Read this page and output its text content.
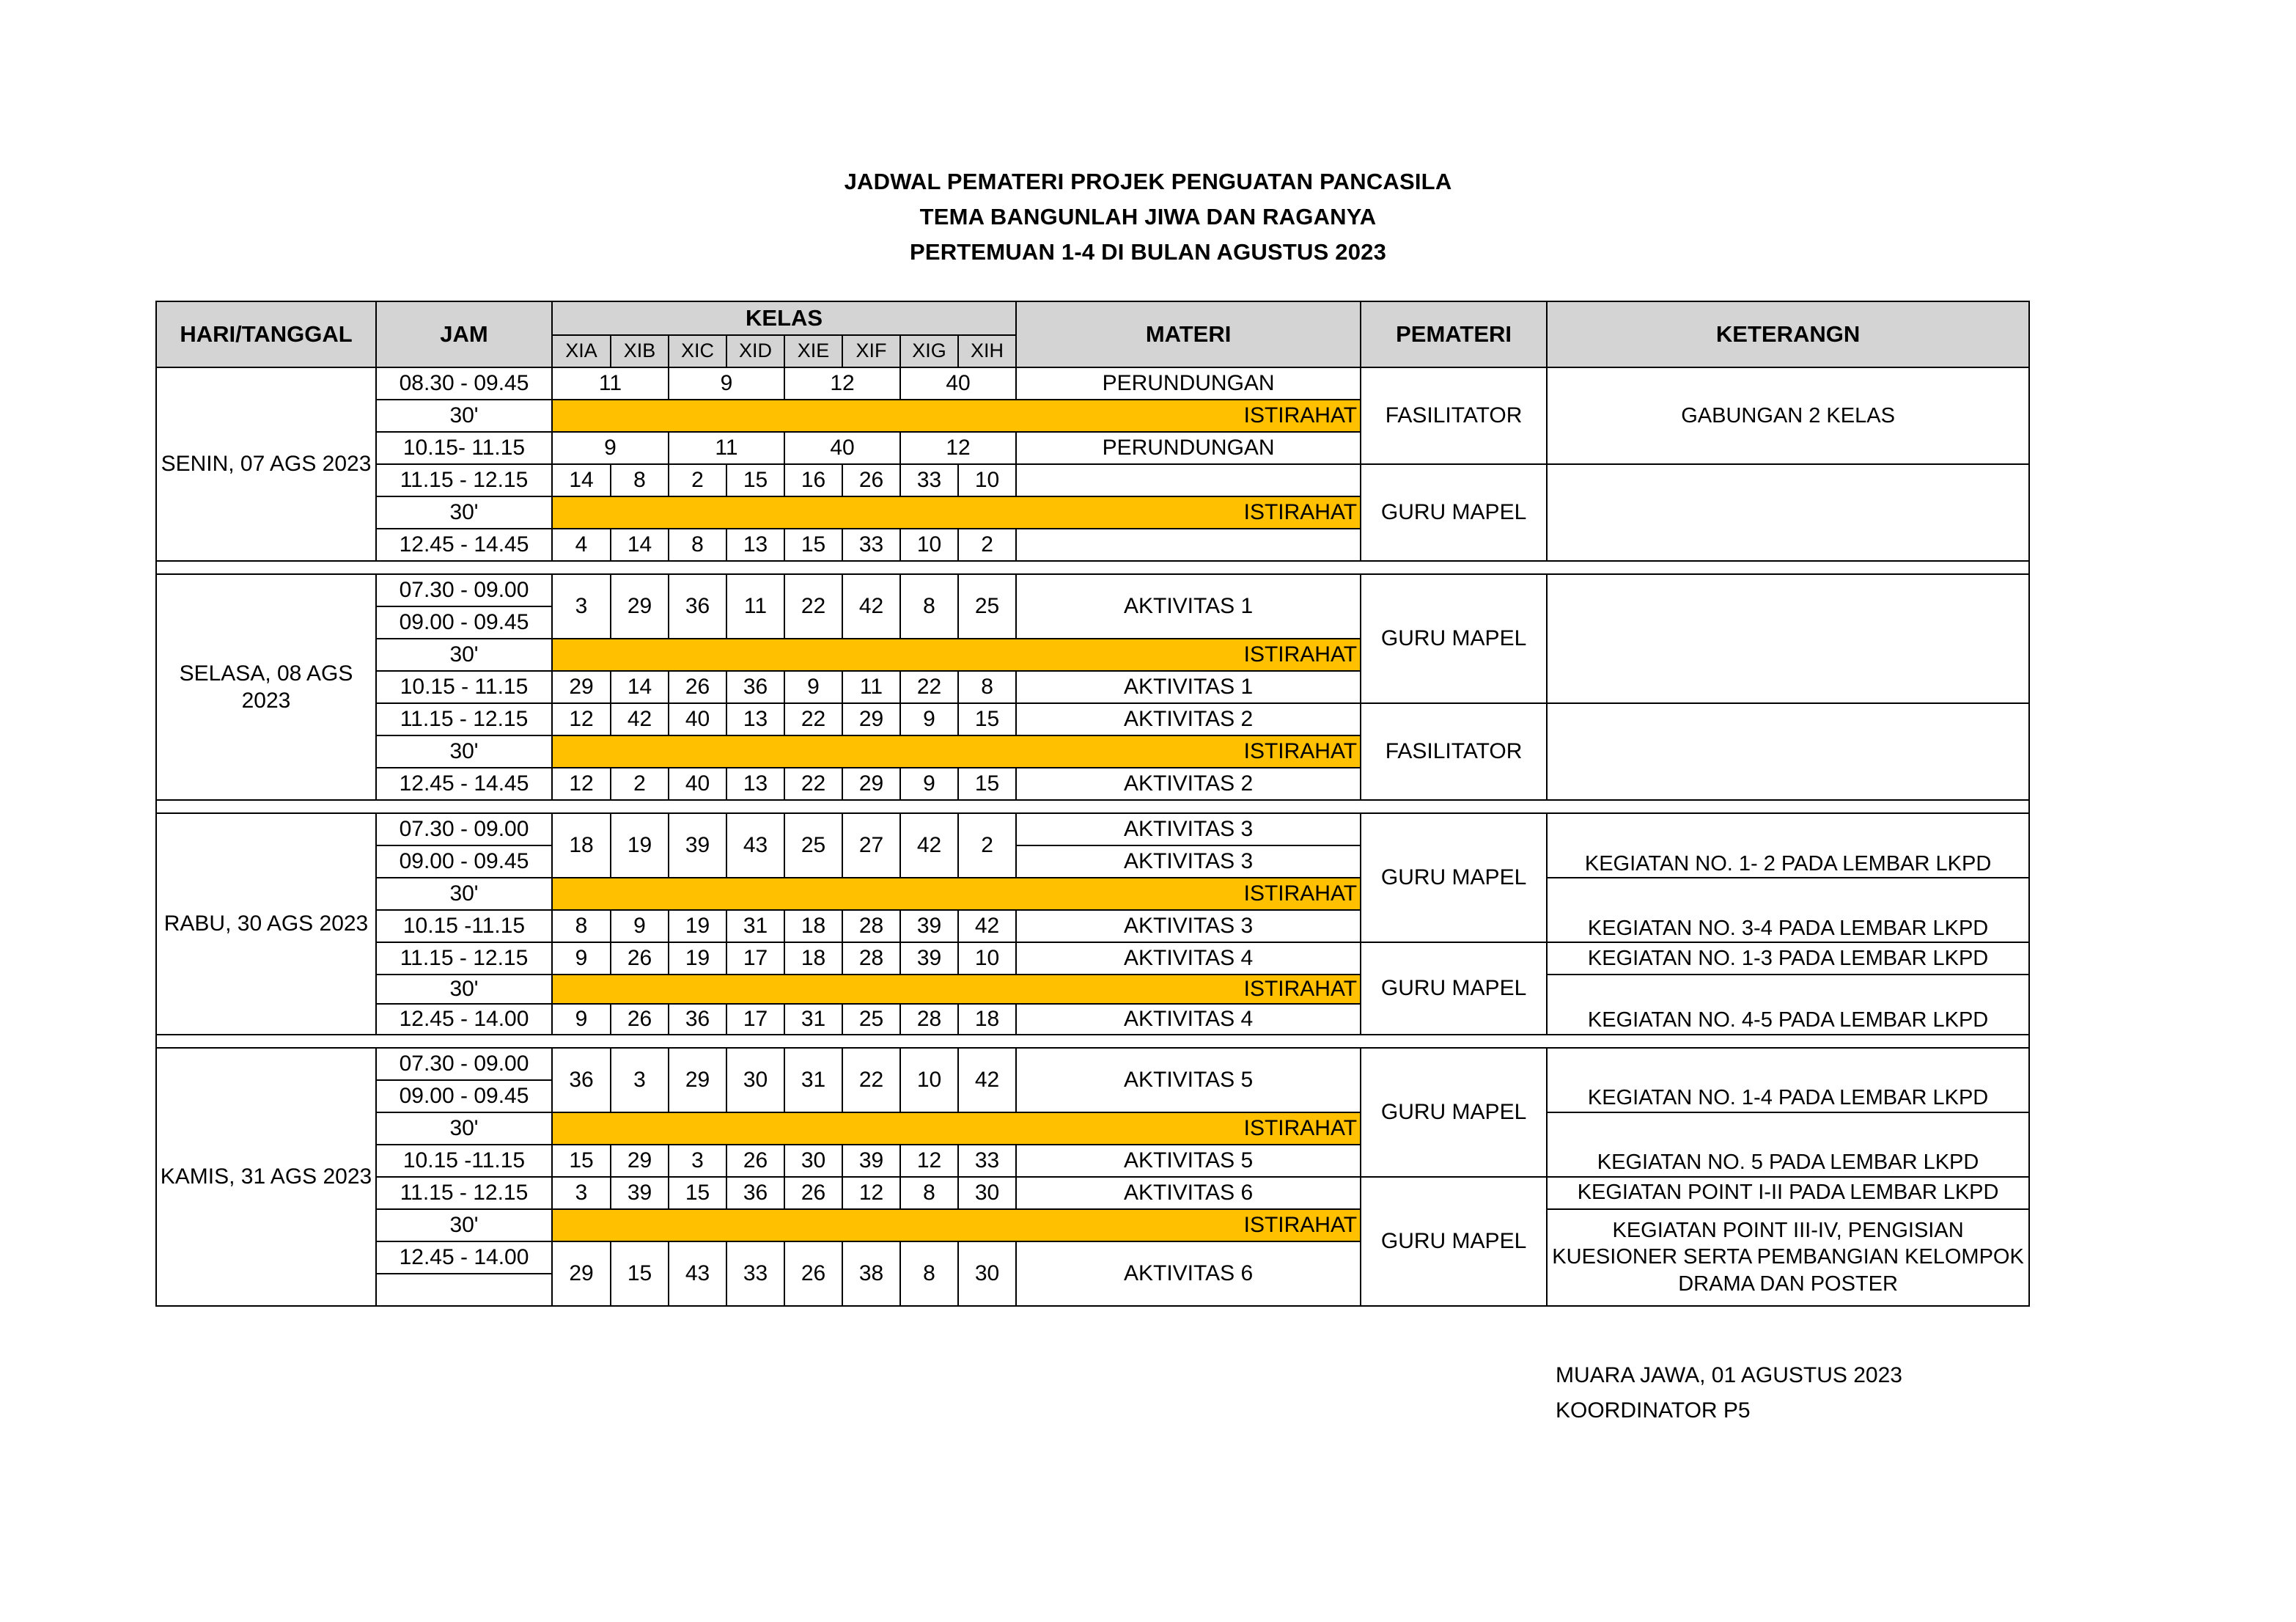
JADWAL PEMATERI PROJEK PENGUATAN PANCASILA
TEMA BANGUNLAH JIWA DAN RAGANYA
PERTEMUAN 1-4 DI BULAN AGUSTUS 2023
HARI/TANGGAL	JAM	KELAS								MATERI	PEMATERI	KETERANGN
		XIA	XIB	XIC	XID	XIE	XIF	XIG	XIH			
SENIN, 07 AGS 2023	08.30 - 09.45	11		9		12		40		PERUNDUNGAN	FASILITATOR	GABUNGAN 2 KELAS
	30'	ISTIRAHAT										
	10.15- 11.15	9		11		40		12		PERUNDUNGAN		
	11.15 - 12.15	14	8	2	15	16	26	33	10		GURU MAPEL	
	30'	ISTIRAHAT										
	12.45 - 14.45	4	14	8	13	15	33	10	2			

SELASA, 08 AGS 2023	07.30 - 09.00	3	29	36	11	22	42	8	25	AKTIVITAS 1	GURU MAPEL	
	09.00 - 09.45											
	30'	ISTIRAHAT										
	10.15 - 11.15	29	14	26	36	9	11	22	8	AKTIVITAS 1		
	11.15 - 12.15	12	42	40	13	22	29	9	15	AKTIVITAS 2	FASILITATOR	
	30'	ISTIRAHAT										
	12.45 - 14.45	12	2	40	13	22	29	9	15	AKTIVITAS 2		

RABU, 30 AGS 2023	07.30 - 09.00	18	19	39	43	25	27	42	2	AKTIVITAS 3	GURU MAPEL	KEGIATAN NO. 1- 2 PADA LEMBAR LKPD
	09.00 - 09.45									AKTIVITAS 3		
	30'	ISTIRAHAT										KEGIATAN NO. 3-4 PADA LEMBAR LKPD
	10.15 -11.15	8	9	19	31	18	28	39	42	AKTIVITAS 3		
	11.15 - 12.15	9	26	19	17	18	28	39	10	AKTIVITAS 4	GURU MAPEL	KEGIATAN NO. 1-3 PADA LEMBAR LKPD
	30'	ISTIRAHAT										KEGIATAN NO. 4-5 PADA LEMBAR LKPD
	12.45 - 14.00	9	26	36	17	31	25	28	18	AKTIVITAS 4		

KAMIS, 31 AGS 2023	07.30 - 09.00	36	3	29	30	31	22	10	42	AKTIVITAS 5	GURU MAPEL	KEGIATAN NO. 1-4 PADA LEMBAR LKPD
	09.00 - 09.45											
	30'	ISTIRAHAT										KEGIATAN NO. 5 PADA LEMBAR LKPD
	10.15 -11.15	15	29	3	26	30	39	12	33	AKTIVITAS 5		
	11.15 - 12.15	3	39	15	36	26	12	8	30	AKTIVITAS 6	GURU MAPEL	KEGIATAN POINT I-II PADA LEMBAR LKPD
	30'	ISTIRAHAT										KEGIATAN POINT III-IV, PENGISIAN KUESIONER SERTA PEMBANGIAN KELOMPOK DRAMA DAN POSTER
	12.45 - 14.00	29	15	43	33	26	38	8	30	AKTIVITAS 6		

MUARA JAWA, 01 AGUSTUS 2023
KOORDINATOR P5
